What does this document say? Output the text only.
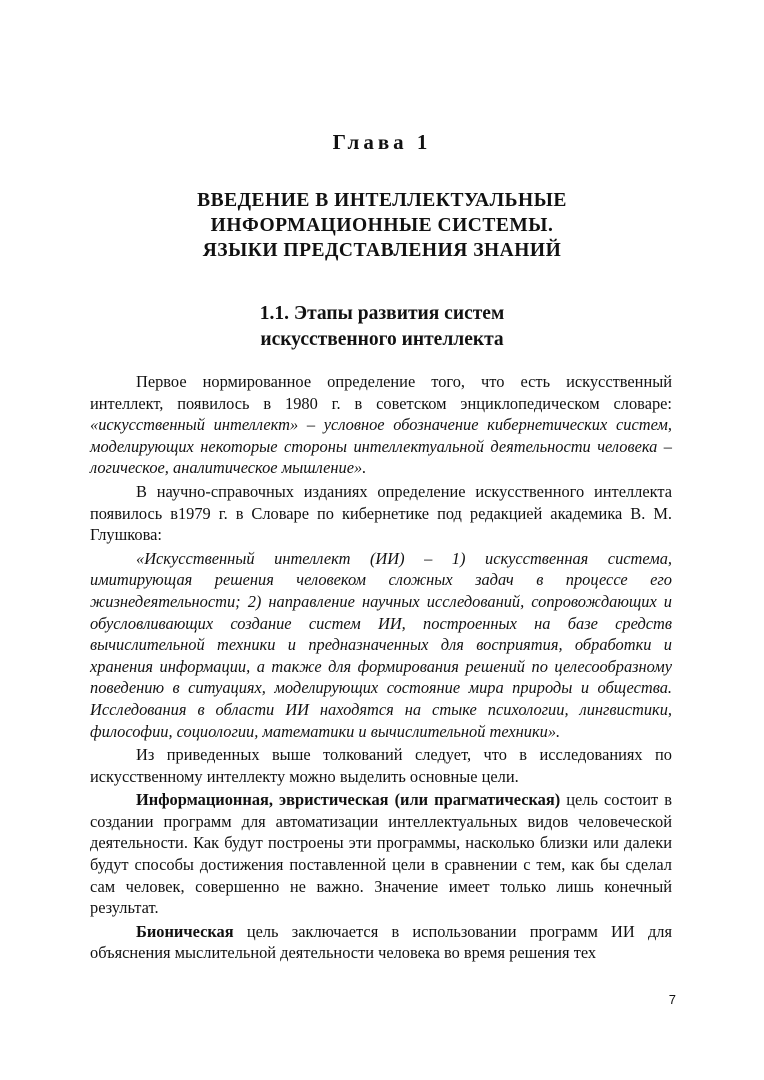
Глава 1
ВВЕДЕНИЕ В ИНТЕЛЛЕКТУАЛЬНЫЕ
ИНФОРМАЦИОННЫЕ СИСТЕМЫ.
ЯЗЫКИ ПРЕДСТАВЛЕНИЯ ЗНАНИЙ
1.1. Этапы развития систем
искусственного интеллекта

Первое нормированное определение того, что есть искусственный интеллект, появилось в 1980 г. в советском энциклопедическом словаре: «искусственный интеллект» – условное обозначение кибернетических систем, моделирующих некоторые стороны интеллектуальной деятельности человека – логическое, аналитическое мышление».

В научно-справочных изданиях определение искусственного интеллекта появилось в1979 г. в Словаре по кибернетике под редакцией академика В. М. Глушкова:

«Искусственный интеллект (ИИ) – 1) искусственная система, имитирующая решения человеком сложных задач в процессе его жизнедеятельности; 2) направление научных исследований, сопровождающих и обусловливающих создание систем ИИ, построенных на базе средств вычислительной техники и предназначенных для восприятия, обработки и хранения информации, а также для формирования решений по целесообразному поведению в ситуациях, моделирующих состояние мира природы и общества. Исследования в области ИИ находятся на стыке психологии, лингвистики, философии, социологии, математики и вычислительной техники».

Из приведенных выше толкований следует, что в исследованиях по искусственному интеллекту можно выделить основные цели.

Информационная, эвристическая (или прагматическая) цель состоит в создании программ для автоматизации интеллектуальных видов человеческой деятельности. Как будут построены эти программы, насколько близки или далеки будут способы достижения поставленной цели в сравнении с тем, как бы сделал сам человек, совершенно не важно. Значение имеет только лишь конечный результат.

Бионическая цель заключается в использовании программ ИИ для объяснения мыслительной деятельности человека во время решения тех

7
